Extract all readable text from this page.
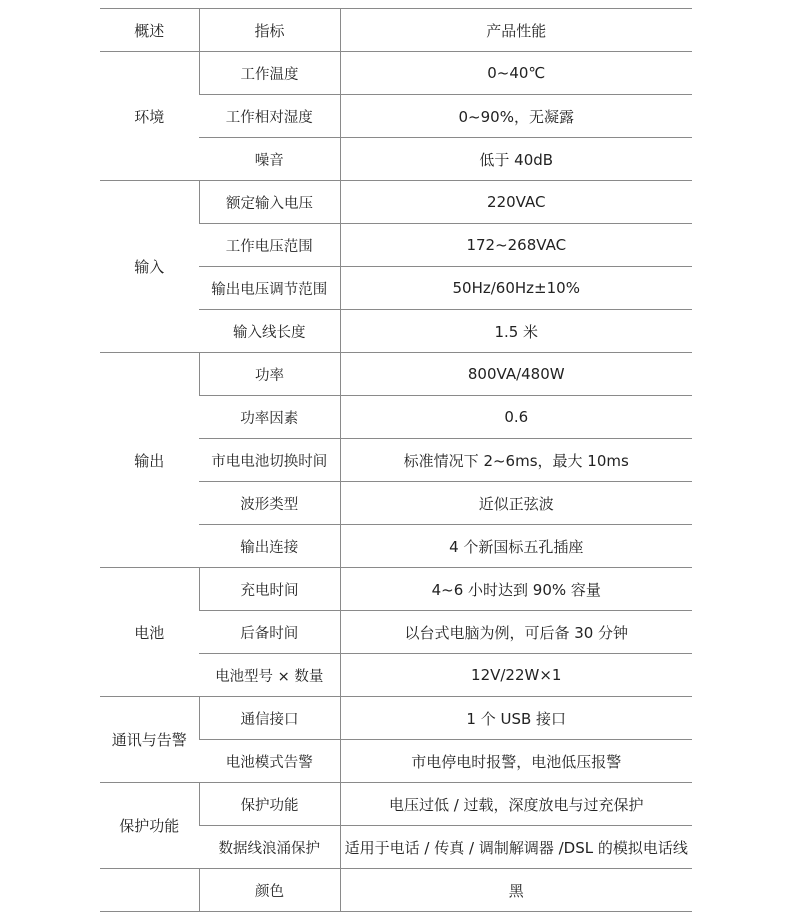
概述	指标	产品性能
环境	工作温度	0~40℃
	工作相对湿度	0~90%，无凝露
	噪音	低于 40dB
输入	额定输入电压	220VAC
	工作电压范围	172~268VAC
	输出电压调节范围	50Hz/60Hz±10%
	输入线长度	1.5 米
输出	功率	800VA/480W
	功率因素	0.6
	市电电池切换时间	标准情况下 2~6ms，最大 10ms
	波形类型	近似正弦波
	输出连接	4 个新国标五孔插座
电池	充电时间	4~6 小时达到 90% 容量
	后备时间	以台式电脑为例，可后备 30 分钟
	电池型号 × 数量	12V/22W×1
通讯与告警	通信接口	1 个 USB 接口
	电池模式告警	市电停电时报警，电池低压报警
保护功能	保护功能	电压过低 / 过载，深度放电与过充保护
	数据线浪涌保护	适用于电话 / 传真 / 调制解调器 /DSL 的模拟电话线
	颜色	黑
